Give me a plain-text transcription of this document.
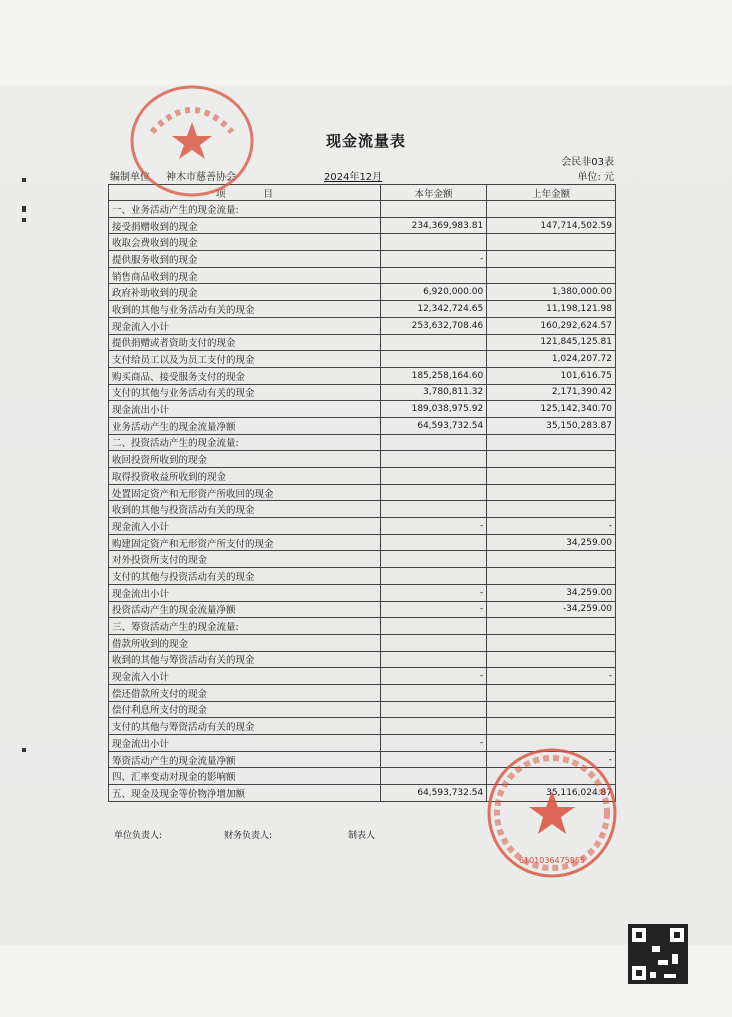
现金流量表
会民非03表
编制单位 神木市慈善协会	2024年12月	单位: 元
项　　　　目	本年金额	上年金额
一、业务活动产生的现金流量:		
接受捐赠收到的现金	234,369,983.81	147,714,502.59
收取会费收到的现金		
提供服务收到的现金	-	
销售商品收到的现金		
政府补助收到的现金	6,920,000.00	1,380,000.00
收到的其他与业务活动有关的现金	12,342,724.65	11,198,121.98
现金流入小计	253,632,708.46	160,292,624.57
提供捐赠或者资助支付的现金		121,845,125.81
支付给员工以及为员工支付的现金		1,024,207.72
购买商品、接受服务支付的现金	185,258,164.60	101,616.75
支付的其他与业务活动有关的现金	3,780,811.32	2,171,390.42
现金流出小计	189,038,975.92	125,142,340.70
业务活动产生的现金流量净额	64,593,732.54	35,150,283.87
二、投资活动产生的现金流量:		
收回投资所收到的现金		
取得投资收益所收到的现金		
处置固定资产和无形资产所收回的现金		
收到的其他与投资活动有关的现金		
现金流入小计	-	-
购建固定资产和无形资产所支付的现金		34,259.00
对外投资所支付的现金		
支付的其他与投资活动有关的现金		
现金流出小计	-	34,259.00
投资活动产生的现金流量净额	-	-34,259.00
三、筹资活动产生的现金流量:		
借款所收到的现金		
收到的其他与筹资活动有关的现金		
现金流入小计	-	-
偿还借款所支付的现金		
偿付利息所支付的现金		
支付的其他与筹资活动有关的现金		
现金流出小计	-	
筹资活动产生的现金流量净额		-
四、汇率变动对现金的影响额		
五、现金及现金等价物净增加额	64,593,732.54	35,116,024.87
单位负责人:	财务负责人:	制表人
6101036475855
